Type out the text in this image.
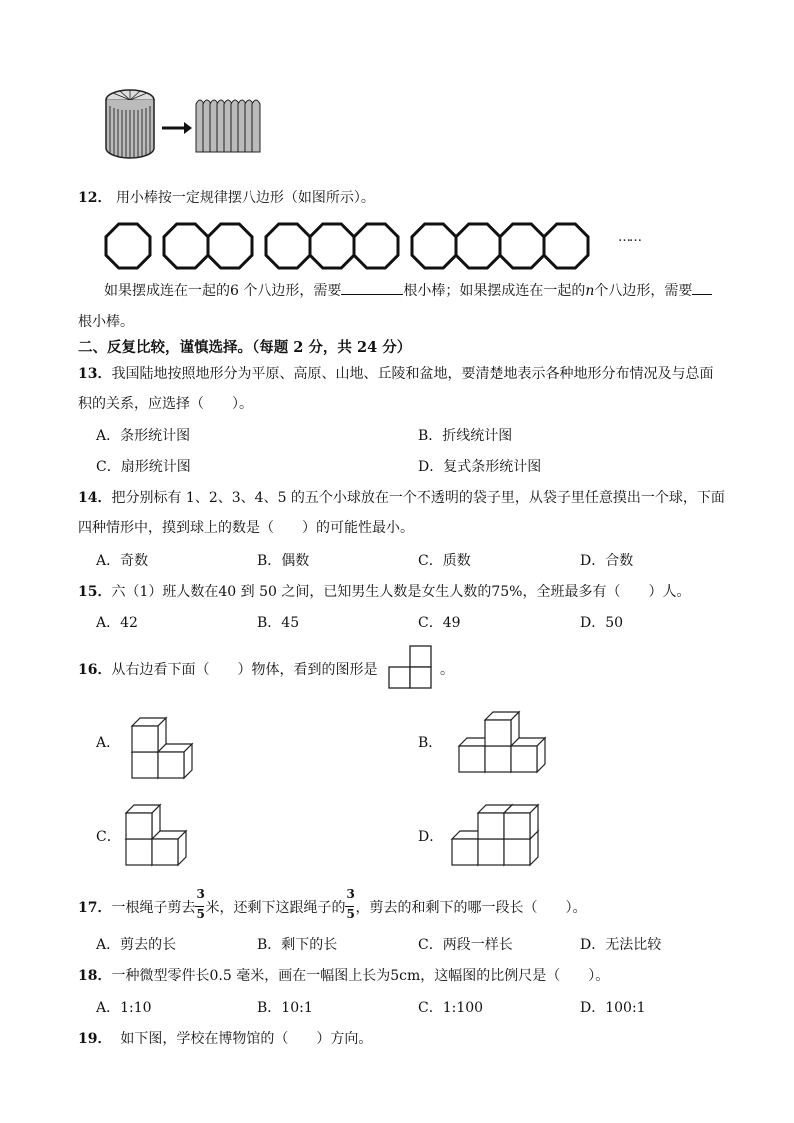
12． 用小棒按一定规律摆八边形（如图所示）。
……
如果摆成连在一起的6 个八边形，需要	根小棒；如果摆成连在一起的n个八边形，需要
根小棒。
二、反复比较，谨慎选择。（每题 2 分，共 24 分）
13．我国陆地按照地形分为平原、高原、山地、丘陵和盆地，要清楚地表示各种地形分布情况及与总面
积的关系，应选择（　　）。
A．条形统计图	B．折线统计图
C．扇形统计图	D．复式条形统计图
14．把分别标有 1、2、3、4、5 的五个小球放在一个不透明的袋子里，从袋子里任意摸出一个球，下面
四种情形中，摸到球上的数是（　　）的可能性最小。
A．奇数	B．偶数	C．质数	D．合数
15．六（1）班人数在40 到 50 之间，已知男生人数是女生人数的75%，全班最多有（　　）人。
A．42	B．45	C．49	D．50
16．从右边看下面（　　）物体，看到的图形是	。
A．	B．
C．	D．
17．一根绳子剪去 $\frac{3}{5}$ 米，还剩下这跟绳子的 $\frac{3}{5}$ ，剪去的和剩下的哪一段长（　　）。
A．剪去的长	B．剩下的长	C．两段一样长	D．无法比较
18．一种微型零件长0.5 毫米，画在一幅图上长为5cm，这幅图的比例尺是（　　）。
A．1:10	B．10:1	C．1:100	D．100:1
19． 如下图，学校在博物馆的（　　）方向。
